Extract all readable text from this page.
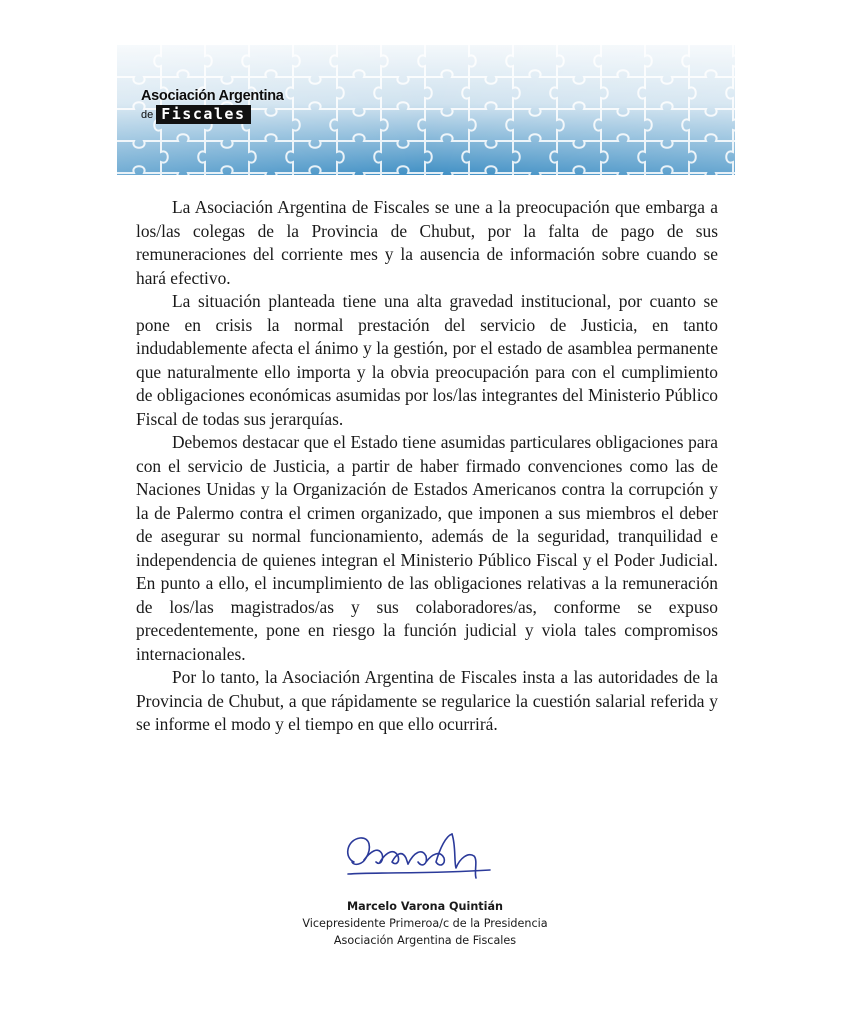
Asociación Argentina
de Fiscales

La Asociación Argentina de Fiscales se une a la preocupación que embarga a los/las colegas de la Provincia de Chubut, por la falta de pago de sus remuneraciones del corriente mes y la ausencia de información sobre cuando se hará efectivo.

La situación planteada tiene una alta gravedad institucional, por cuanto se pone en crisis la normal prestación del servicio de Justicia, en tanto indudablemente afecta el ánimo y la gestión, por el estado de asamblea permanente que naturalmente ello importa y la obvia preocupación para con el cumplimiento de obligaciones económicas asumidas por los/las integrantes del Ministerio Público Fiscal de todas sus jerarquías.

Debemos destacar que el Estado tiene asumidas particulares obligaciones para con el servicio de Justicia, a partir de haber firmado convenciones como las de Naciones Unidas y la Organización de Estados Americanos contra la corrupción y la de Palermo contra el crimen organizado, que imponen a sus miembros el deber de asegurar su normal funcionamiento, además de la seguridad, tranquilidad e independencia de quienes integran el Ministerio Público Fiscal y el Poder Judicial. En punto a ello, el incumplimiento de las obligaciones relativas a la remuneración de los/las magistrados/as y sus colaboradores/as, conforme se expuso precedentemente, pone en riesgo la función judicial y viola tales compromisos internacionales.

Por lo tanto, la Asociación Argentina de Fiscales insta a las autoridades de la Provincia de Chubut, a que rápidamente se regularice la cuestión salarial referida y se informe el modo y el tiempo en que ello ocurrirá.

Marcelo Varona Quintián
Vicepresidente Primeroa/c de la Presidencia
Asociación Argentina de Fiscales
